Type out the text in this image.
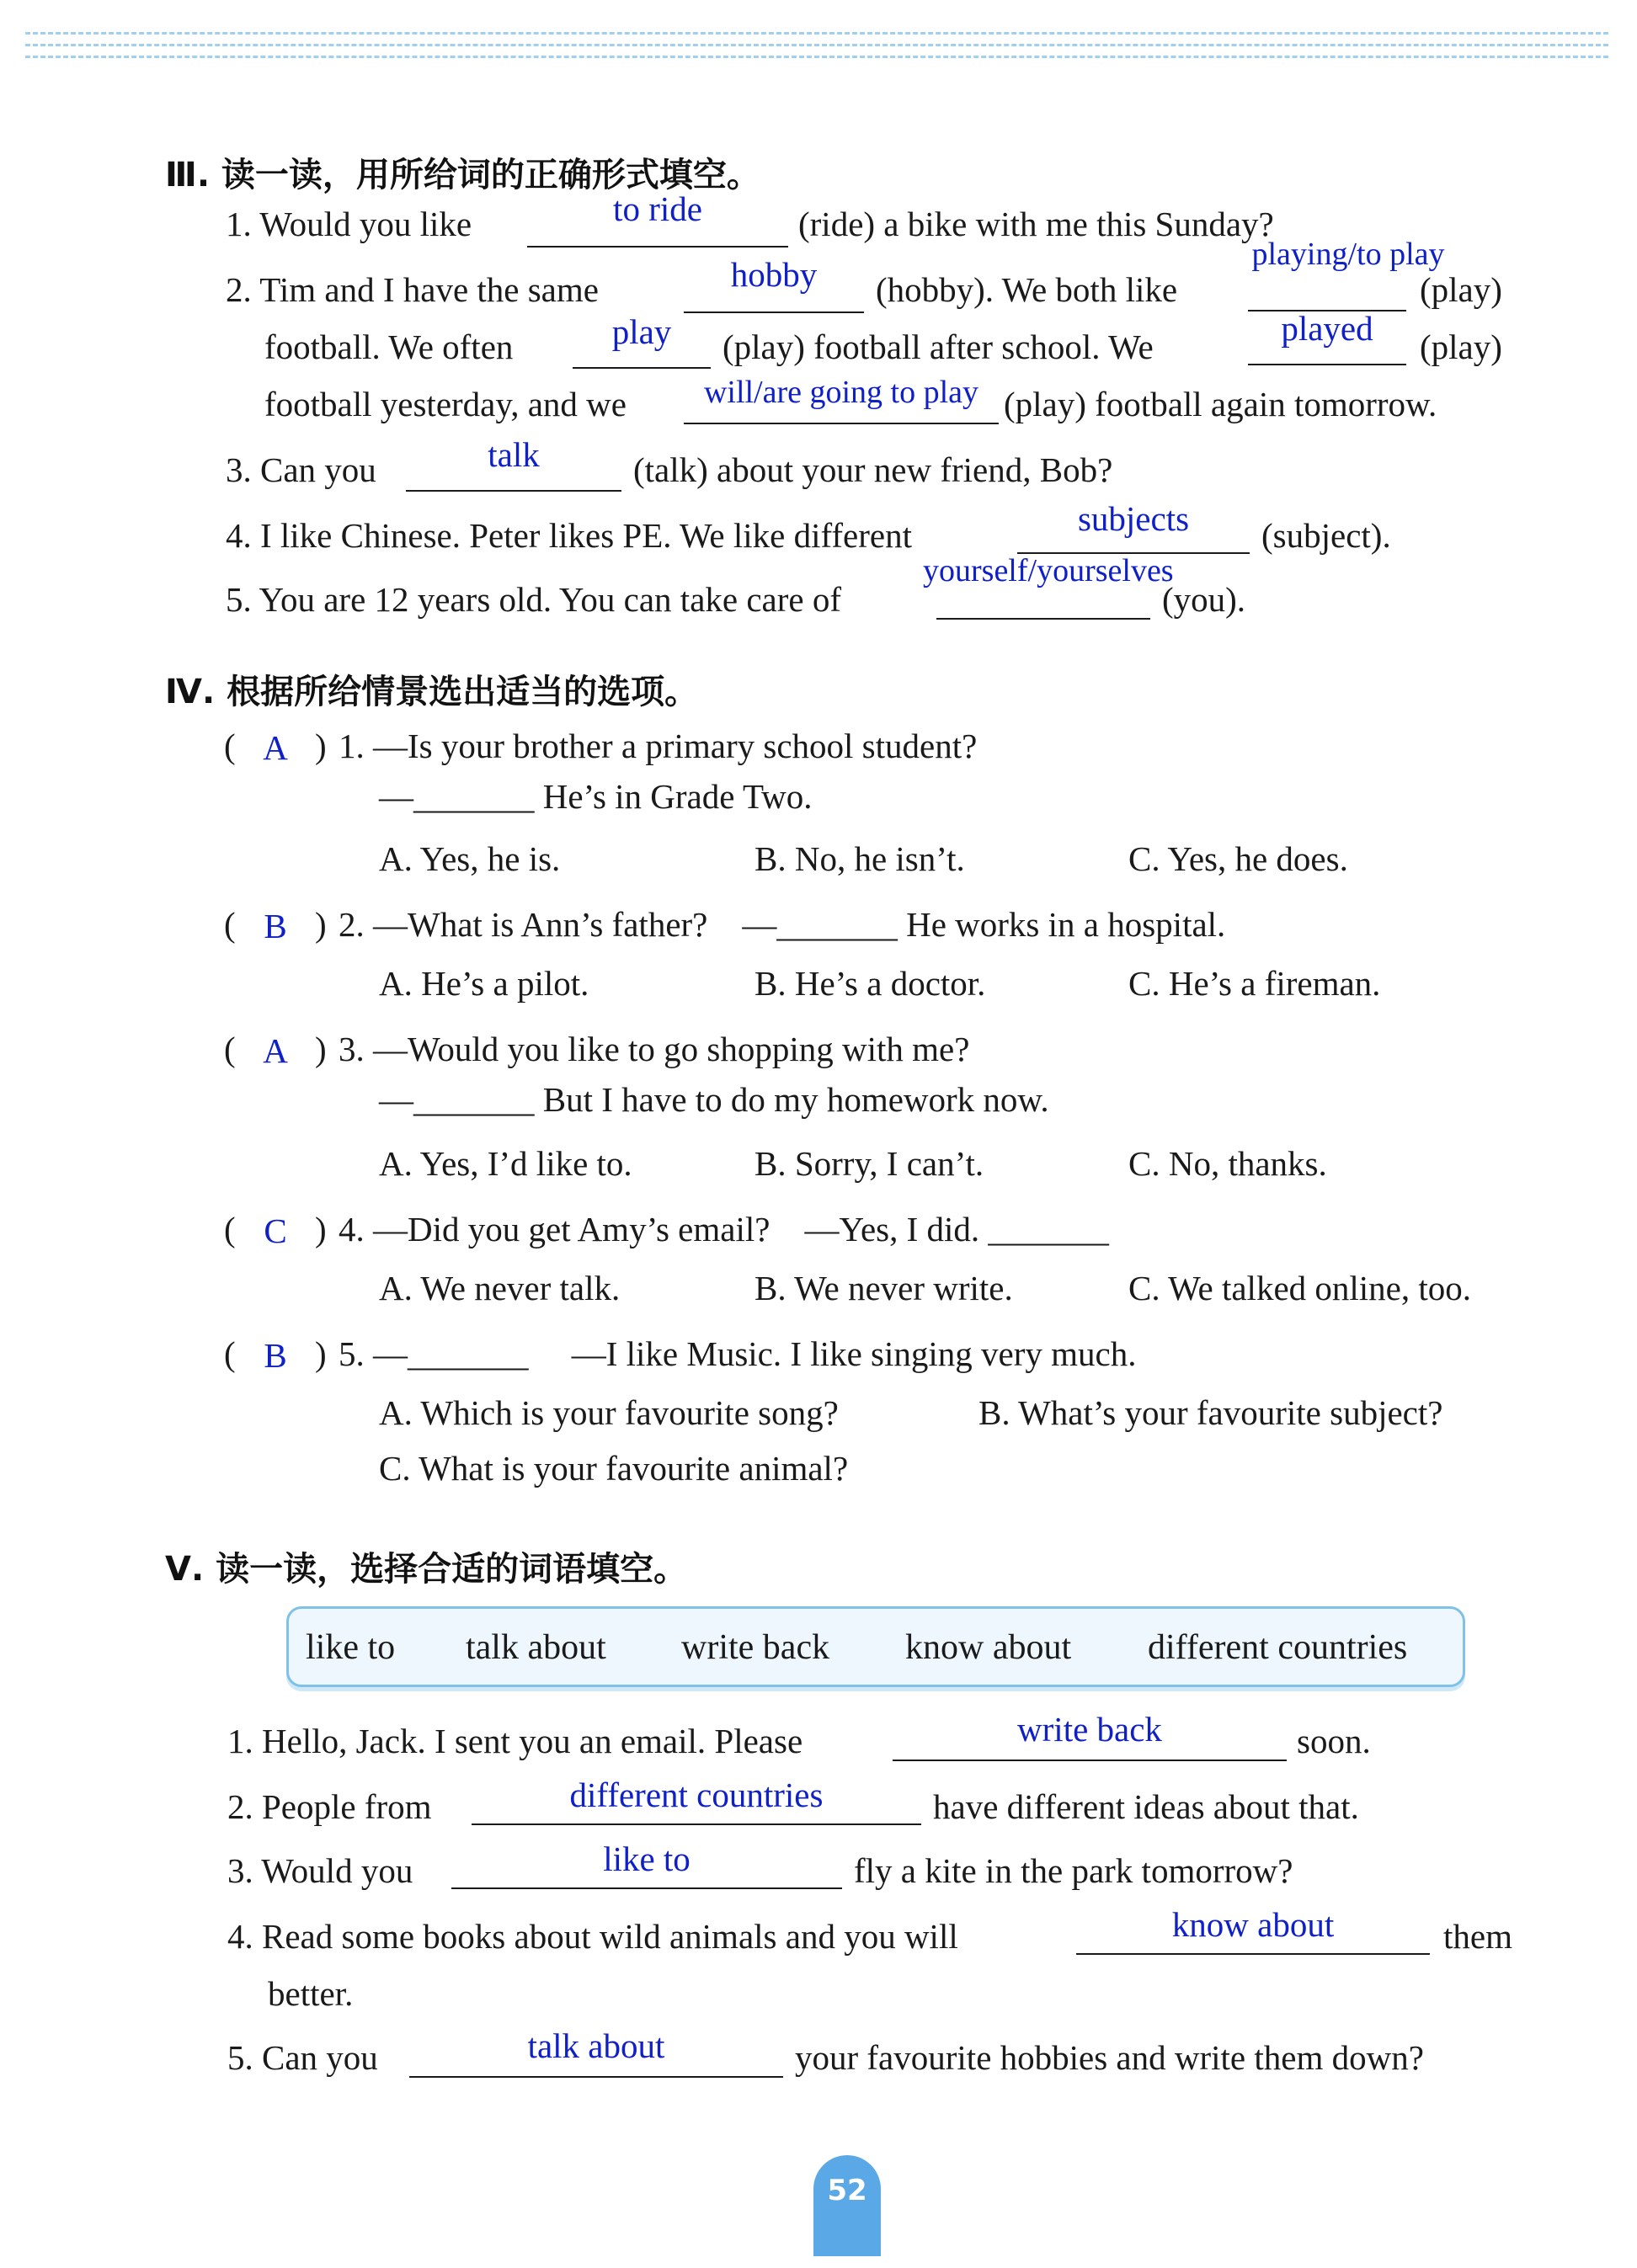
Ⅲ. 读一读，用所给词的正确形式填空。
1. Would you like	to ride	(ride) a bike with me this Sunday?
2. Tim and I have the same	hobby	(hobby). We both like
playing/to play
(play)
football. We often	play	(play) football after school. We	played	(play)
football yesterday, and we	will/are going to play (play) football again tomorrow.
3. Can you	talk	(talk) about your new friend, Bob?
4. I like Chinese. Peter likes PE. We like different	subjects	(subject).
5. You are 12 years old. You can take care of
yourself/yourselves
(you).
Ⅳ. 根据所给情景选出适当的选项。
( A ) 1. —Is your brother a primary school student?
—_______ He’s in Grade Two.
A. Yes, he is.	B. No, he isn’t.	C. Yes, he does.
( B ) 2. —What is Ann’s father?    —_______ He works in a hospital.
A. He’s a pilot.	B. He’s a doctor.	C. He’s a fireman.
( A ) 3. —Would you like to go shopping with me?
—_______ But I have to do my homework now.
A. Yes, I’d like to.	B. Sorry, I can’t.	C. No, thanks.
( C ) 4. —Did you get Amy’s email?    —Yes, I did. _______
A. We never talk.	B. We never write.	C. We talked online, too.
( B ) 5. —_______     —I like Music. I like singing very much.
A. Which is your favourite song?	B. What’s your favourite subject?
C. What is your favourite animal?
Ⅴ. 读一读，选择合适的词语填空。
like to talk about write back know about different countries
1. Hello, Jack. I sent you an email. Please	write back	soon.
2. People from	different countries	have different ideas about that.
3. Would you	like to	fly a kite in the park tomorrow?
4. Read some books about wild animals and you will	know about	them
better.
5. Can you	talk about	your favourite hobbies and write them down?
52
